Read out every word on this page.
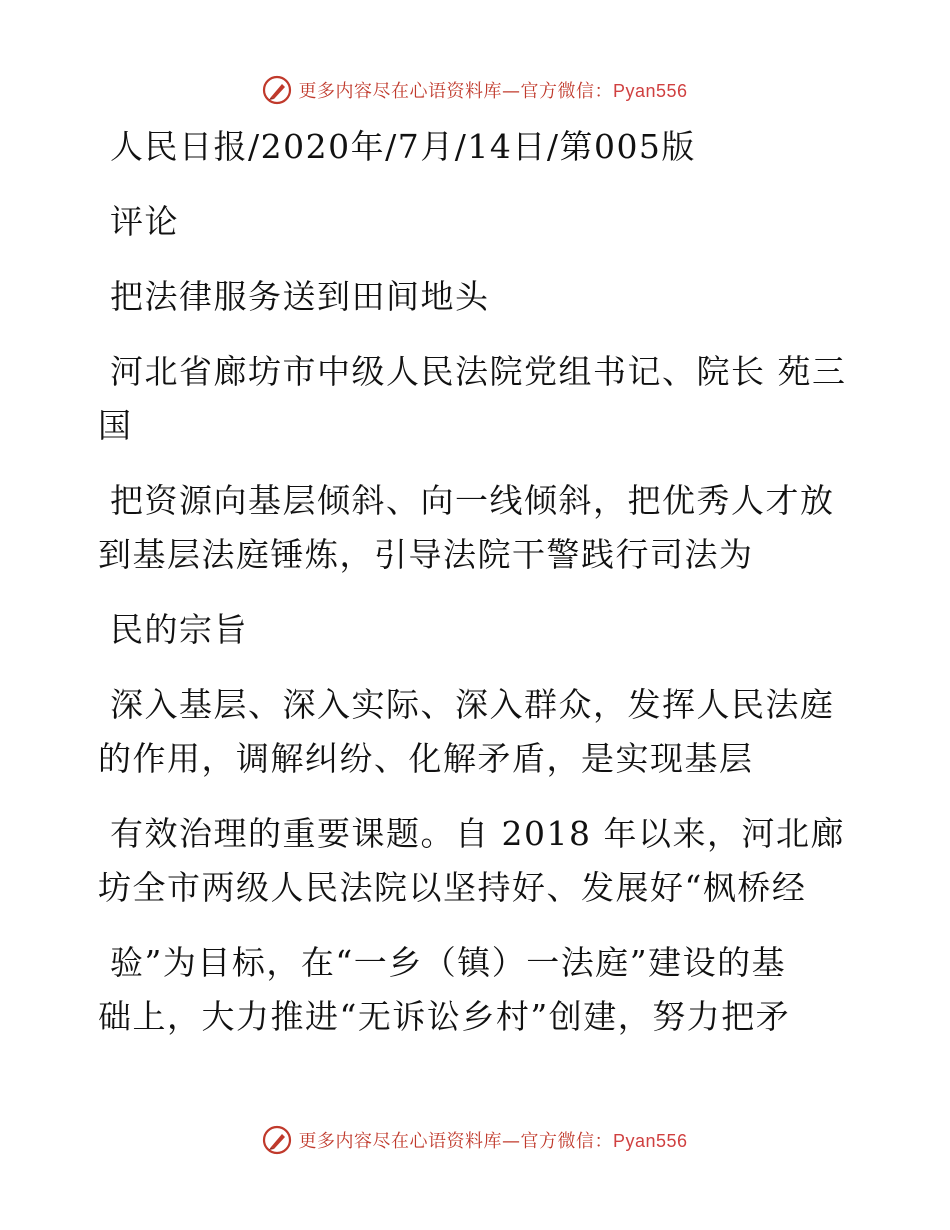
更多内容尽在心语资料库—官方微信：Pyan556
人民日报/2020年/7月/14日/第005版
评论
把法律服务送到田间地头
河北省廊坊市中级人民法院党组书记、院长 苑三
国
把资源向基层倾斜、向一线倾斜，把优秀人才放
到基层法庭锤炼，引导法院干警践行司法为
民的宗旨
深入基层、深入实际、深入群众，发挥人民法庭
的作用，调解纠纷、化解矛盾，是实现基层
有效治理的重要课题。自 2018 年以来，河北廊
坊全市两级人民法院以坚持好、发展好“枫桥经
验”为目标，在“一乡（镇）一法庭”建设的基
础上，大力推进“无诉讼乡村”创建，努力把矛
更多内容尽在心语资料库—官方微信：Pyan556
